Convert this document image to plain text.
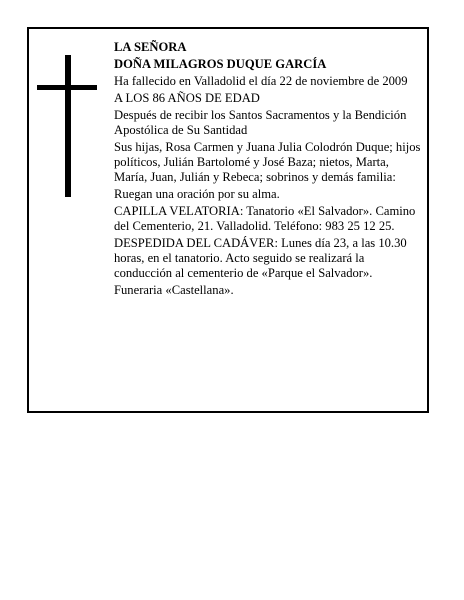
LA SEÑORA

DOÑA MILAGROS DUQUE GARCÍA

Ha fallecido en Valladolid el día 22 de noviembre de 2009

A LOS 86 AÑOS DE EDAD

Después de recibir los Santos Sacramentos y la Bendición Apostólica de Su Santidad

Sus hijas, Rosa Carmen y Juana Julia Colodrón Duque; hijos políticos, Julián Bartolomé y José Baza; nietos, Marta, María, Juan, Julián y Rebeca; sobrinos y demás familia:

Ruegan una oración por su alma.

CAPILLA VELATORIA: Tanatorio «El Salvador». Camino del Cementerio, 21. Valladolid. Teléfono: 983 25 12 25.

DESPEDIDA DEL CADÁVER: Lunes día 23, a las 10.30 horas, en el tanatorio. Acto seguido se realizará la conducción al cementerio de «Parque el Salvador».

Funeraria «Castellana».
